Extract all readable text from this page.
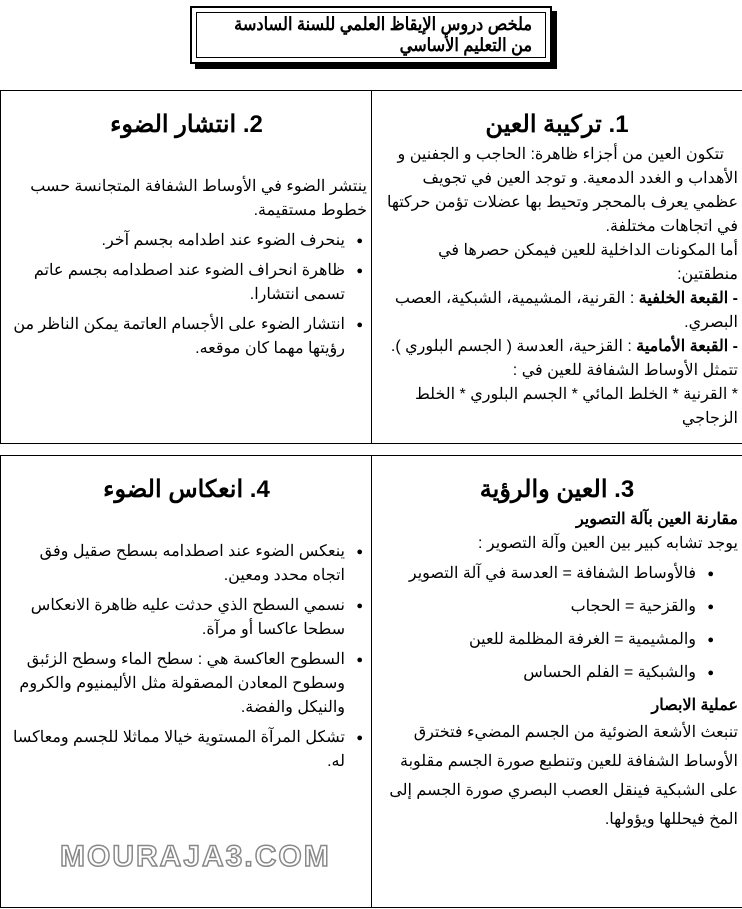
ملخص دروس الإيقاظ العلمي للسنة السادسة من التعليم الأساسي
1. تركيبة العين

تتكون العين من أجزاء ظاهرة: الحاجب و الجفنين و الأهداب و الغدد الدمعية. و توجد العين في تجويف عظمي يعرف بالمحجر وتحيط بها عضلات تؤمن حركتها في اتجاهات مختلفة.

أما المكونات الداخلية للعين فيمكن حصرها في منطقتين:

- القبعة الخلفية : القرنية، المشيمية، الشبكية، العصب البصري.

- القبعة الأمامية : القزحية، العدسة ( الجسم البلوري ).

تتمثل الأوساط الشفافة للعين في :

* القرنية * الخلط المائي * الجسم البلوري * الخلط الزجاجي

2. انتشار الضوء

ينتشر الضوء في الأوساط الشفافة المتجانسة حسب خطوط مستقيمة.

● ينحرف الضوء عند اطدامه بجسم آخر.
● ظاهرة انحراف الضوء عند اصطدامه بجسم عاتم تسمى انتشارا.
● انتشار الضوء على الأجسام العاتمة يمكن الناظر من رؤيتها مهما كان موقعه.
3. العين والرؤية

مقارنة العين بآلة التصوير

يوجد تشابه كبير بين العين وآلة التصوير :

● فالأوساط الشفافة = العدسة في آلة التصوير
● والقزحية = الحجاب
● والمشيمية = الغرفة المظلمة للعين
● والشبكية = الفلم الحساس

عملية الابصار

تنبعث الأشعة الضوئية من الجسم المضيء فتخترق الأوساط الشفافة للعين وتنطبع صورة الجسم مقلوبة على الشبكية فينقل العصب البصري صورة الجسم إلى المخ فيحللها ويؤولها.

4. انعكاس الضوء
● ينعكس الضوء عند اصطدامه بسطح صقيل وفق اتجاه محدد ومعين.
● نسمي السطح الذي حدثت عليه ظاهرة الانعكاس سطحا عاكسا أو مرآة.
● السطوح العاكسة هي : سطح الماء وسطح الزئبق وسطوح المعادن المصقولة مثل الأليمنيوم والكروم والنيكل والفضة.
● تشكل المرآة المستوية خيالا مماثلا للجسم ومعاكسا له.
MOURAJA3.COM
